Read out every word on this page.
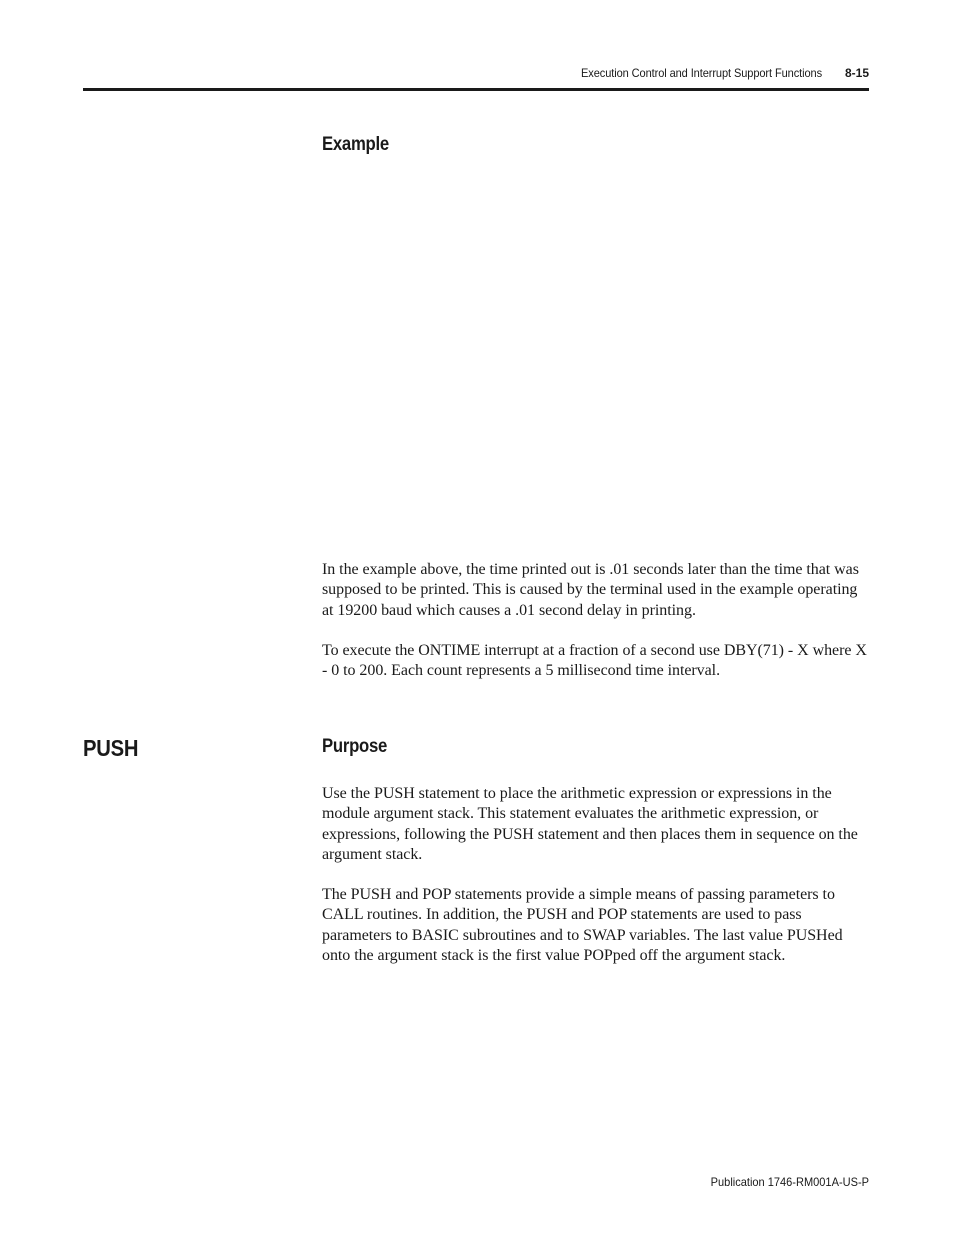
Execution Control and Interrupt Support Functions	8-15
Example

In the example above, the time printed out is .01 seconds later than the time that was supposed to be printed. This is caused by the terminal used in the example operating at 19200 baud which causes a .01 second delay in printing.

To execute the ONTIME interrupt at a fraction of a second use DBY(71) - X where X - 0 to 200. Each count represents a 5 millisecond time interval.

PUSH	Purpose

Use the PUSH statement to place the arithmetic expression or expressions in the module argument stack. This statement evaluates the arithmetic expression, or expressions, following the PUSH statement and then places them in sequence on the argument stack.

The PUSH and POP statements provide a simple means of passing parameters to CALL routines. In addition, the PUSH and POP statements are used to pass parameters to BASIC subroutines and to SWAP variables. The last value PUSHed onto the argument stack is the first value POPped off the argument stack.

Publication 1746-RM001A-US-P
